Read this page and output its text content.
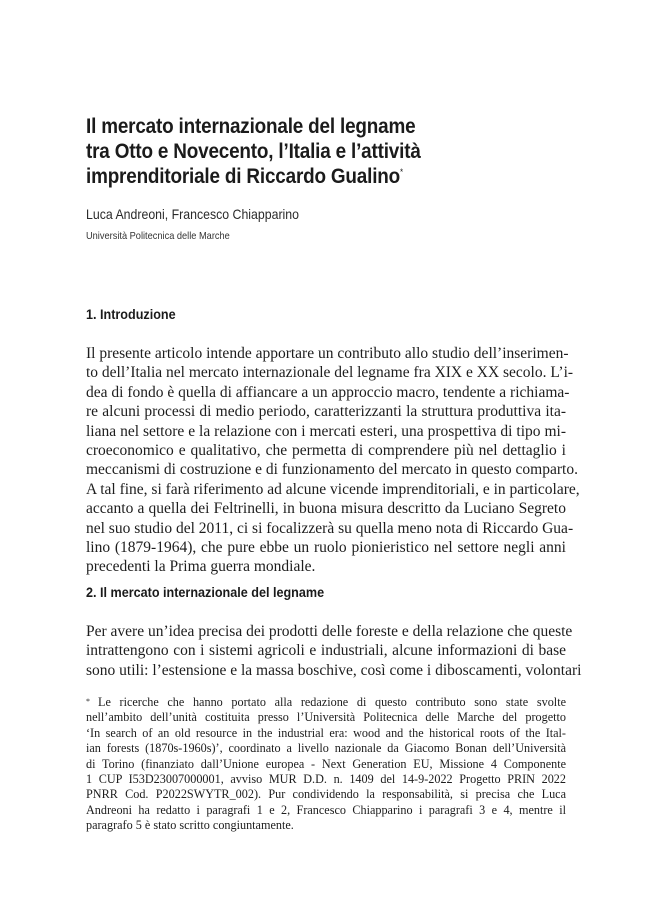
Il mercato internazionale del legname
tra Otto e Novecento, l’Italia e l’attività
imprenditoriale di Riccardo Gualino*
Luca Andreoni, Francesco Chiapparino
Università Politecnica delle Marche
1. Introduzione
Il presente articolo intende apportare un contributo allo studio dell’inserimen-
to dell’Italia nel mercato internazionale del legname fra XIX e XX secolo. L’i-
dea di fondo è quella di affiancare a un approccio macro, tendente a richiama-
re alcuni processi di medio periodo, caratterizzanti la struttura produttiva ita-
liana nel settore e la relazione con i mercati esteri, una prospettiva di tipo mi-
croeconomico e qualitativo, che permetta di comprendere più nel dettaglio i
meccanismi di costruzione e di funzionamento del mercato in questo comparto.
A tal fine, si farà riferimento ad alcune vicende imprenditoriali, e in particolare,
accanto a quella dei Feltrinelli, in buona misura descritto da Luciano Segreto
nel suo studio del 2011, ci si focalizzerà su quella meno nota di Riccardo Gua-
lino (1879-1964), che pure ebbe un ruolo pionieristico nel settore negli anni
precedenti la Prima guerra mondiale.
2. Il mercato internazionale del legname
Per avere un’idea precisa dei prodotti delle foreste e della relazione che queste
intrattengono con i sistemi agricoli e industriali, alcune informazioni di base
sono utili: l’estensione e la massa boschive, così come i diboscamenti, volontari
* Le ricerche che hanno portato alla redazione di questo contributo sono state svolte
nell’ambito dell’unità costituita presso l’Università Politecnica delle Marche del progetto
‘In search of an old resource in the industrial era: wood and the historical roots of the Ital-
ian forests (1870s-1960s)’, coordinato a livello nazionale da Giacomo Bonan dell’Università
di Torino (finanziato dall’Unione europea - Next Generation EU, Missione 4 Componente
1 CUP I53D23007000001, avviso MUR D.D. n. 1409 del 14-9-2022 Progetto PRIN 2022
PNRR Cod. P2022SWYTR_002). Pur condividendo la responsabilità, si precisa che Luca
Andreoni ha redatto i paragrafi 1 e 2, Francesco Chiapparino i paragrafi 3 e 4, mentre il
paragrafo 5 è stato scritto congiuntamente.
